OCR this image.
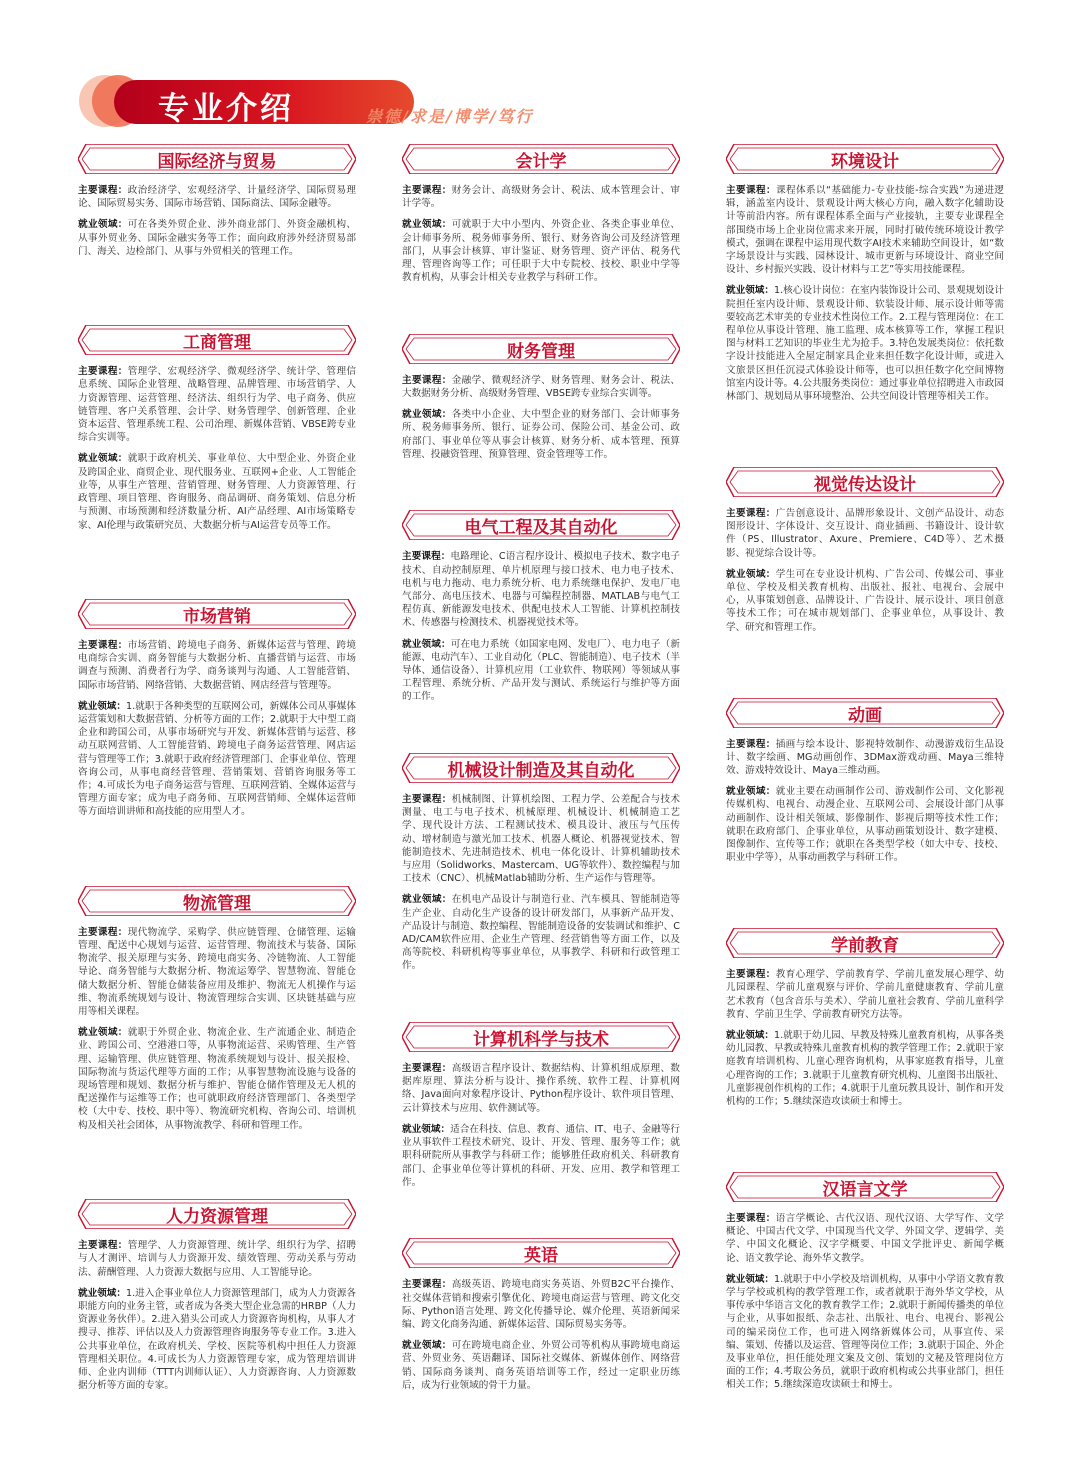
专业介绍	崇德/求是/博学/笃行
国际经济与贸易

主要课程：政治经济学、宏观经济学、计量经济学、国际贸易理论、国际贸易实务、国际市场营销、国际商法、国际金融等。

就业领域：可在各类外贸企业、涉外商业部门、外资金融机构、从事外贸业务、国际金融实务等工作；面向政府涉外经济贸易部门、海关、边检部门、从事与外贸相关的管理工作。

工商管理

主要课程：管理学、宏观经济学、微观经济学、统计学、管理信息系统、国际企业管理、战略管理、品牌管理、市场营销学、人力资源管理、运营管理、经济法、组织行为学、电子商务、供应链管理、客户关系管理、会计学、财务管理学、创新管理、企业资本运营、管理系统工程、公司治理、新媒体营销、VBSE跨专业综合实训等。

就业领域：就职于政府机关、事业单位、大中型企业、外资企业及跨国企业、商贸企业、现代服务业、互联网+企业、人工智能企业等，从事生产管理、营销管理、财务管理、人力资源管理、行政管理、项目管理、咨询服务、商品调研、商务策划、信息分析与预测、市场预测和经济数量分析、AI产品经理、AI市场策略专家、AI伦理与政策研究员、大数据分析与AI运营专员等工作。

市场营销

主要课程：市场营销、跨境电子商务、新媒体运营与管理、跨境电商综合实训、商务智能与大数据分析、直播营销与运营、市场调查与预测、消费者行为学、商务谈判与沟通、人工智能营销、国际市场营销、网络营销、大数据营销、网店经营与管理等。

就业领域：1.就职于各种类型的互联网公司，新媒体公司从事媒体运营策划和大数据营销、分析等方面的工作；2.就职于大中型工商企业和跨国公司，从事市场研究与开发、新媒体营销与运营、移动互联网营销、人工智能营销、跨境电子商务运营管理、网店运营与管理等工作；3.就职于政府经济管理部门、企事业单位、管理咨询公司，从事电商经营管理、营销策划、营销咨询服务等工作；4.可成长为电子商务运营与管理、互联网营销、全媒体运营与管理方面专家；成为电子商务师、互联网营销师、全媒体运营师等方面培训讲师和高技能的应用型人才。

物流管理

主要课程：现代物流学、采购学、供应链管理、仓储管理、运输管理、配送中心规划与运营、运营管理、物流技术与装备、国际物流学、报关原理与实务、跨境电商实务、冷链物流、人工智能导论、商务智能与大数据分析、物流运筹学、智慧物流、智能仓储大数据分析、智能仓储装备应用及维护、物流无人机操作与运维、物流系统规划与设计、物流管理综合实训、区块链基础与应用等相关课程。

就业领域：就职于外贸企业、物流企业、生产流通企业、制造企业、跨国公司、空港港口等，从事物流运营、采购管理、生产管理、运输管理、供应链管理、物流系统规划与设计、报关报检、国际物流与货运代理等方面的工作；从事智慧物流设施与设备的现场管理和规划、数据分析与维护、智能仓储作管理及无人机的配送操作与运维等工作；也可就职政府经济管理部门、各类型学校（大中专、技校、职中等）、物流研究机构、咨询公司、培训机构及相关社会团体，从事物流教学、科研和管理工作。

人力资源管理

主要课程：管理学、人力资源管理、统计学、组织行为学、招聘与人才测评、培训与人力资源开发、绩效管理、劳动关系与劳动法、薪酬管理、人力资源大数据与应用、人工智能导论。

就业领域：1.进入企事业单位人力资源管理部门，成为人力资源各职能方向的业务主管，或者成为各类大型企业急需的HRBP（人力资源业务伙伴）。2.进入猎头公司或人力资源咨询机构，从事人才搜寻、推荐、评估以及人力资源管理咨询服务等专业工作。3.进入公共事业单位，在政府机关、学校、医院等机构中担任人力资源管理相关职位。4.可成长为人力资源管理专家，成为管理培训讲师、企业内训师（TTT内训师认证）、人力资源咨询、人力资源数据分析等方面的专家。

会计学

主要课程：财务会计、高级财务会计、税法、成本管理会计、审计学等。

就业领域：可就职于大中小型内、外资企业、各类企事业单位、会计师事务所、税务师事务所、银行、财务咨询公司及经济管理部门，从事会计核算、审计鉴证、财务管理、资产评估、税务代理、管理咨询等工作；可任职于大中专院校、技校、职业中学等教育机构，从事会计相关专业教学与科研工作。

财务管理

主要课程：金融学、微观经济学、财务管理、财务会计、税法、大数据财务分析、高级财务管理、VBSE跨专业综合实训等。

就业领域：各类中小企业、大中型企业的财务部门、会计师事务所、税务师事务所、银行、证券公司、保险公司、基金公司、政府部门、事业单位等从事会计核算、财务分析、成本管理、预算管理、投融资管理、预算管理、资金管理等工作。

电气工程及其自动化

主要课程：电路理论、C语言程序设计、模拟电子技术、数字电子技术、自动控制原理、单片机原理与接口技术、电力电子技术、电机与电力拖动、电力系统分析、电力系统继电保护、发电厂电气部分、高电压技术、电器与可编程控制器、MATLAB与电气工程仿真、新能源发电技术、供配电技术人工智能、计算机控制技术、传感器与检测技术、机器视觉技术等。

就业领域：可在电力系统（如国家电网、发电厂）、电力电子（新能源、电动汽车）、工业自动化（PLC、智能制造）、电子技术（半导体、通信设备）、计算机应用（工业软件、物联网）等领域从事工程管理、系统分析、产品开发与测试、系统运行与维护等方面的工作。

机械设计制造及其自动化

主要课程：机械制图、计算机绘图、工程力学、公差配合与技术测量、电工与电子技术、机械原理、机械设计、机械制造工艺学、现代设计方法、工程测试技术、模具设计、液压与气压传动、增材制造与激光加工技术、机器人概论、机器视觉技术、智能制造技术、先进制造技术、机电一体化设计、计算机辅助技术与应用（Solidworks、Mastercam、UG等软件）、数控编程与加工技术（CNC）、机械Matlab辅助分析、生产运作与管理等。

就业领域：在机电产品设计与制造行业、汽车模具、智能制造等生产企业、自动化生产设备的设计研发部门，从事新产品开发、产品设计与制造、数控编程、智能制造设备的安装调试和维护、CAD/CAM软件应用、企业生产管理、经营销售等方面工作，以及高等院校、科研机构等事业单位，从事教学、科研和行政管理工作。

计算机科学与技术

主要课程：高级语言程序设计、数据结构、计算机组成原理、数据库原理、算法分析与设计、操作系统、软件工程、计算机网络、Java面向对象程序设计、Python程序设计、软件项目管理、云计算技术与应用、软件测试等。

就业领域：适合在科技、信息、教育、通信、IT、电子、金融等行业从事软件工程技术研究、设计、开发、管理、服务等工作；就职科研院所从事教学与科研工作；能够胜任政府机关、科研教育部门、企事业单位等计算机的科研、开发、应用、教学和管理工作。

英语

主要课程：高级英语、跨境电商实务英语、外贸B2C平台操作、社交媒体营销和搜索引擎优化、跨境电商运营与管理、跨文化交际、Python语言处理、跨文化传播导论、媒介伦理、英语新闻采编、跨文化商务沟通、新媒体运营、国际贸易实务等。

就业领域：可在跨境电商企业、外贸公司等机构从事跨境电商运营、外贸业务、英语翻译、国际社交媒体、新媒体创作、网络营销、国际商务谈判、商务英语培训等工作，经过一定职业历练后，成为行业领域的骨干力量。

环境设计

主要课程：课程体系以“基础能力-专业技能-综合实践”为递进逻辑，涵盖室内设计、景观设计两大核心方向，融入数字化辅助设计等前沿内容。所有课程体系全面与产业接轨，主要专业课程全部围绕市场上企业岗位需求来开展，同时打破传统环境设计教学模式，强调在课程中运用现代数字AI技术来辅助空间设计，如“数字场景设计与实践、园林设计、城市更新与环境设计、商业空间设计、乡村振兴实践、设计材料与工艺”等实用技能课程。

就业领域：1.核心设计岗位：在室内装饰设计公司、景观规划设计院担任室内设计师、景观设计师、软装设计师、展示设计师等需要较高艺术审美的专业技术性岗位工作。2.工程与管理岗位：在工程单位从事设计管理、施工监理、成本核算等工作，掌握工程识图与材料工艺知识的毕业生尤为抢手。3.特色发展类岗位：依托数字设计技能进入全屋定制家具企业来担任数字化设计师，或进入文旅景区担任沉浸式体验设计师等，也可以担任数字化空间博物馆室内设计等。4.公共服务类岗位：通过事业单位招聘进入市政园林部门、规划局从事环境整治、公共空间设计管理等相关工作。

视觉传达设计

主要课程：广告创意设计、品牌形象设计、文创产品设计、动态图形设计、字体设计、交互设计、商业插画、书籍设计、设计软件（PS、Illustrator、Axure、Premiere、C4D等）、艺术摄影、视觉综合设计等。

就业领域：学生可在专业设计机构、广告公司、传媒公司、事业单位、学校及相关教育机构、出版社、报社、电视台、会展中心，从事策划创意、品牌设计、广告设计、展示设计、项目创意等技术工作；可在城市规划部门、企事业单位，从事设计、教学、研究和管理工作。

动画

主要课程：插画与绘本设计、影视特效制作、动漫游戏衍生品设计、数字绘画、MG动画创作、3DMax游戏动画、Maya三维特效、游戏特效设计、Maya三维动画。

就业领域：就业主要在动画制作公司、游戏制作公司、文化影视传媒机构、电视台、动漫企业、互联网公司、会展设计部门从事动画制作、设计相关领域、影像制作、影视后期等技术性工作；就职在政府部门、企事业单位，从事动画策划设计、数字建模、图像制作、宣传等工作；就职在各类型学校（如大中专、技校、职业中学等），从事动画教学与科研工作。

学前教育

主要课程：教育心理学、学前教育学、学前儿童发展心理学、幼儿园课程、学前儿童观察与评价、学前儿童健康教育、学前儿童艺术教育（包含音乐与美术）、学前儿童社会教育、学前儿童科学教育、学前卫生学、学前教育研究方法等。

就业领域：1.就职于幼儿园、早教及特殊儿童教育机构，从事各类幼儿园教、早教或特殊儿童教育机构的教学管理工作；2.就职于家庭教育培训机构、儿童心理咨询机构，从事家庭教育指导，儿童心理咨询的工作；3.就职于儿童教育研究机构、儿童图书出版社、儿童影视创作机构的工作；4.就职于儿童玩教具设计、制作和开发机构的工作；5.继续深造攻读硕士和博士。

汉语言文学

主要课程：语言学概论、古代汉语、现代汉语、大学写作、文学概论、中国古代文学、中国现当代文学、外国文学、逻辑学、美学、中国文化概论、汉字学概要、中国文学批评史、新闻学概论、语文教学论、海外华文教学。

就业领域：1.就职于中小学校及培训机构，从事中小学语文教育教学与学校或机构的教学管理工作，或者就职于海外华文学校，从事传承中华语言文化的教育教学工作；2.就职于新闻传播类的单位与企业，从事如报纸、杂志社、出版社、电台、电视台、影视公司的编采岗位工作，也可进入网络新媒体公司，从事宣传、采编、策划、传播以及运营、管理等岗位工作；3.就职于国企、外企及事业单位，担任能处理文案及文创、策划的文秘及管理岗位方面的工作；4.考取公务员，就职于政府机构或公共事业部门，担任相关工作；5.继续深造攻读硕士和博士。
